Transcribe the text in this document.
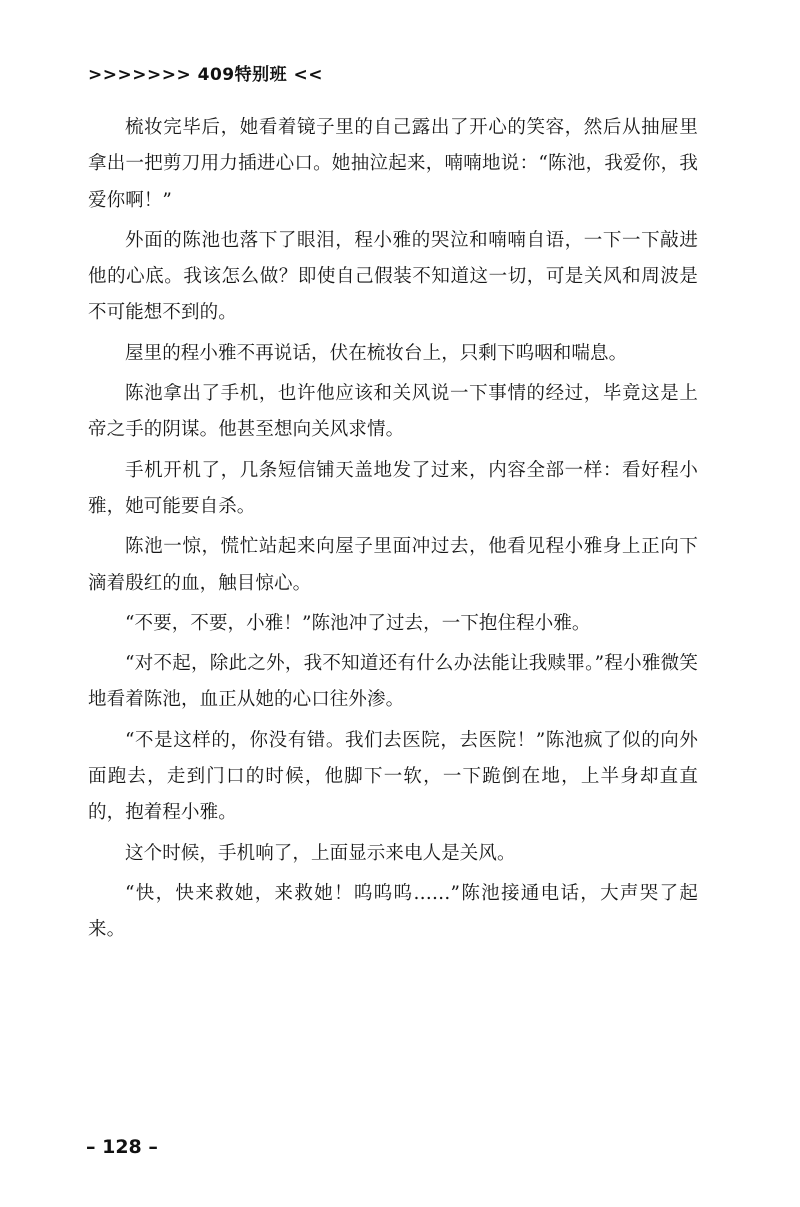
>>>>>>> 409特别班 <<

梳妆完毕后，她看着镜子里的自己露出了开心的笑容，然后从抽屉里拿出一把剪刀用力插进心口。她抽泣起来，喃喃地说：“陈池，我爱你，我爱你啊！”

外面的陈池也落下了眼泪，程小雅的哭泣和喃喃自语，一下一下敲进他的心底。我该怎么做？即使自己假装不知道这一切，可是关风和周波是不可能想不到的。

屋里的程小雅不再说话，伏在梳妆台上，只剩下呜咽和喘息。

陈池拿出了手机，也许他应该和关风说一下事情的经过，毕竟这是上帝之手的阴谋。他甚至想向关风求情。

手机开机了，几条短信铺天盖地发了过来，内容全部一样：看好程小雅，她可能要自杀。

陈池一惊，慌忙站起来向屋子里面冲过去，他看见程小雅身上正向下滴着殷红的血，触目惊心。

“不要，不要，小雅！”陈池冲了过去，一下抱住程小雅。

“对不起，除此之外，我不知道还有什么办法能让我赎罪。”程小雅微笑地看着陈池，血正从她的心口往外渗。

“不是这样的，你没有错。我们去医院，去医院！”陈池疯了似的向外面跑去，走到门口的时候，他脚下一软，一下跪倒在地，上半身却直直的，抱着程小雅。

这个时候，手机响了，上面显示来电人是关风。

“快，快来救她，来救她！呜呜呜……”陈池接通电话，大声哭了起来。

– 128 –
